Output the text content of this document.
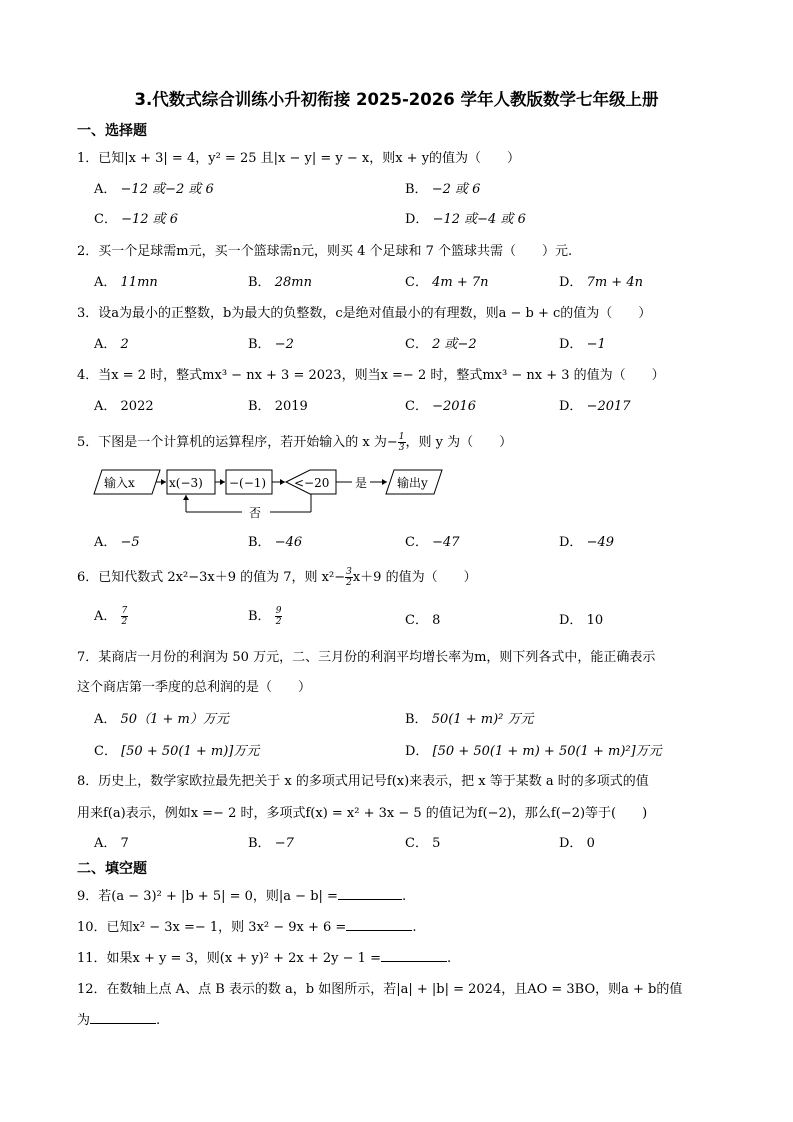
3.代数式综合训练小升初衔接 2025-2026 学年人教版数学七年级上册
一、选择题
1．已知|x + 3| = 4，y² = 25 且|x − y| = y − x，则x + y的值为（　　）
A． −12 或−2 或 6	B． −2 或 6
C． −12 或 6	D． −12 或−4 或 6
2．买一个足球需m元，买一个篮球需n元，则买 4 个足球和 7 个篮球共需（　　）元.
A． 11mn	B． 28mn	C． 4m + 7n	D． 7m + 4n
3．设a为最小的正整数，b为最大的负整数，c是绝对值最小的有理数，则a − b + c的值为（　　）
A． 2	B． −2	C． 2 或−2	D． −1
4．当x = 2 时，整式mx³ − nx + 3 = 2023，则当x =− 2 时，整式mx³ − nx + 3 的值为（　　）
A． 2022	B． 2019	C． −2016	D． −2017
5．下图是一个计算机的运算程序，若开始输入的 x 为− $\frac{1}{3}$ ，则 y 为（　　）
输入x	x(−3) −(−1) <−20 是
否
输出y
A． −5	B． −46	C． −47	D． −49
6．已知代数式 2x²−3x＋9 的值为 7，则 $x^2- \frac{3}{2} x+9$ 的值为（　　）
A． $\frac{7}{2}$	B． $\frac{9}{2}$	C． 8	D． 10
7．某商店一月份的利润为 50 万元，二、三月份的利润平均增长率为m，则下列各式中，能正确表示
这个商店第一季度的总利润的是（　　）
A． 50（1 + m）万元	B． 50(1 + m)² 万元
C． [50 + 50(1 + m)]万元	D． [50 + 50(1 + m) + 50(1 + m)²]万元
8．历史上，数学家欧拉最先把关于 x 的多项式用记号f(x)来表示，把 x 等于某数 a 时的多项式的值
用来f(a)表示，例如x =− 2 时，多项式f(x) = x² + 3x − 5 的值记为f(−2)，那么f(−2)等于(　　)
A． 7	B． −7	C． 5	D． 0
二、填空题
9．若(a − 3)² + |b + 5| = 0，则|a − b| =	.
10．已知x² − 3x =− 1，则 3x² − 9x + 6 =	.
11．如果x + y = 3，则(x + y)² + 2x + 2y − 1 =	.
12．在数轴上点 A、点 B 表示的数 a，b 如图所示，若|a| + |b| = 2024，且AO = 3BO，则a + b的值
为	.
